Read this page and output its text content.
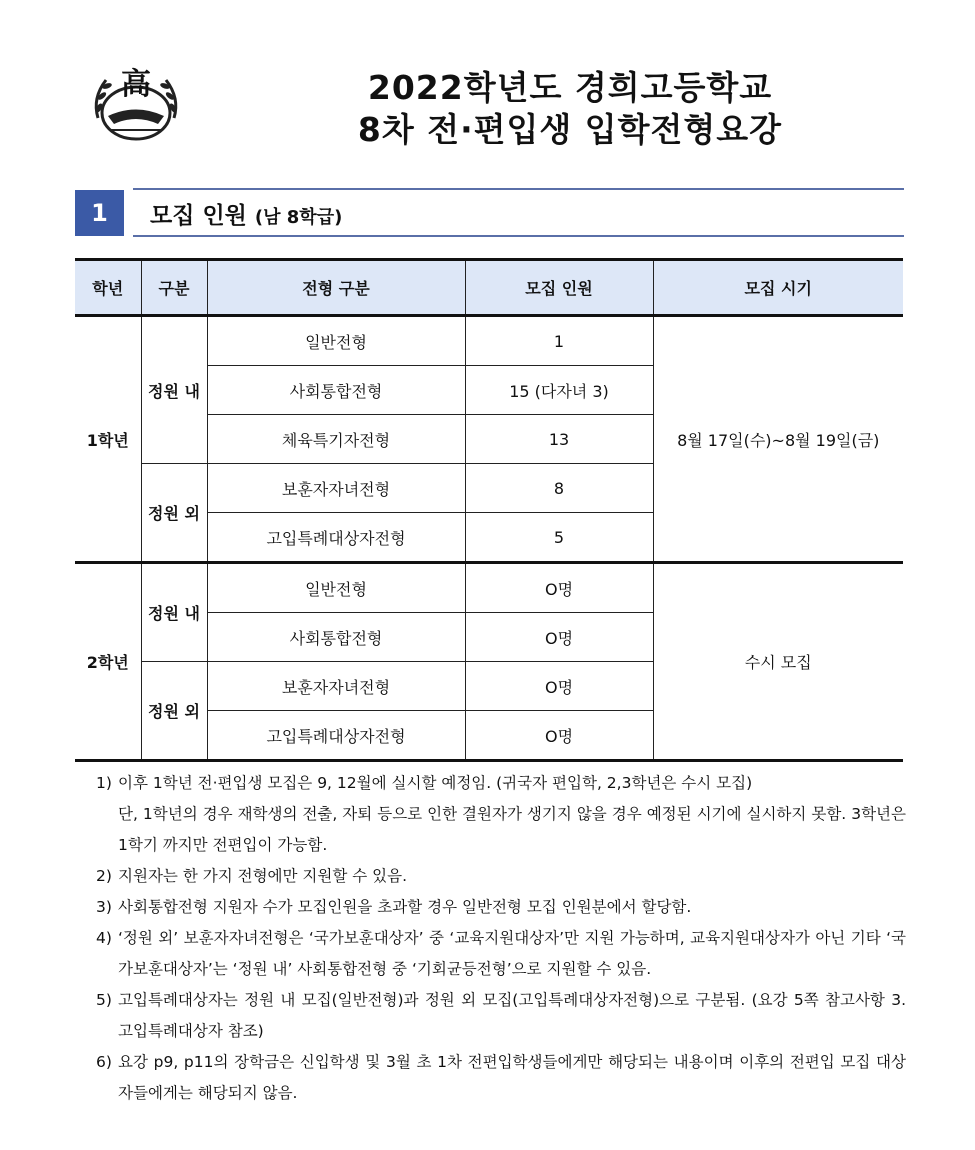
高	2022학년도 경희고등학교
8차 전·편입생 입학전형요강
1	모집 인원 (남 8학급)
학년	구분	전형 구분	모집 인원	모집 시기
1학년	정원 내	일반전형	1	8월 17일(수)~8월 19일(금)
		사회통합전형	15 (다자녀 3)	
		체육특기자전형	13	
	정원 외	보훈자자녀전형	8	
		고입특례대상자전형	5	
2학년	정원 내	일반전형	O명	수시 모집
		사회통합전형	O명	
	정원 외	보훈자자녀전형	O명	
		고입특례대상자전형	O명	
1) 이후 1학년 전·편입생 모집은 9, 12월에 실시할 예정임. (귀국자 편입학, 2,3학년은 수시 모집)
단, 1학년의 경우 재학생의 전출, 자퇴 등으로 인한 결원자가 생기지 않을 경우 예정된 시기에 실시하지 못함. 3학년은 1학기 까지만 전편입이 가능함.
2) 지원자는 한 가지 전형에만 지원할 수 있음.
3) 사회통합전형 지원자 수가 모집인원을 초과할 경우 일반전형 모집 인원분에서 할당함.
4) ‘정원 외’ 보훈자자녀전형은 ‘국가보훈대상자’ 중 ‘교육지원대상자’만 지원 가능하며, 교육지원대상자가 아닌 기타 ‘국가보훈대상자’는 ‘정원 내’ 사회통합전형 중 ‘기회균등전형’으로 지원할 수 있음.
5) 고입특례대상자는 정원 내 모집(일반전형)과 정원 외 모집(고입특례대상자전형)으로 구분됨. (요강 5쪽 참고사항 3. 고입특례대상자 참조)
6) 요강 p9, p11의 장학금은 신입학생 및 3월 초 1차 전편입학생들에게만 해당되는 내용이며 이후의 전편입 모집 대상자들에게는 해당되지 않음.
